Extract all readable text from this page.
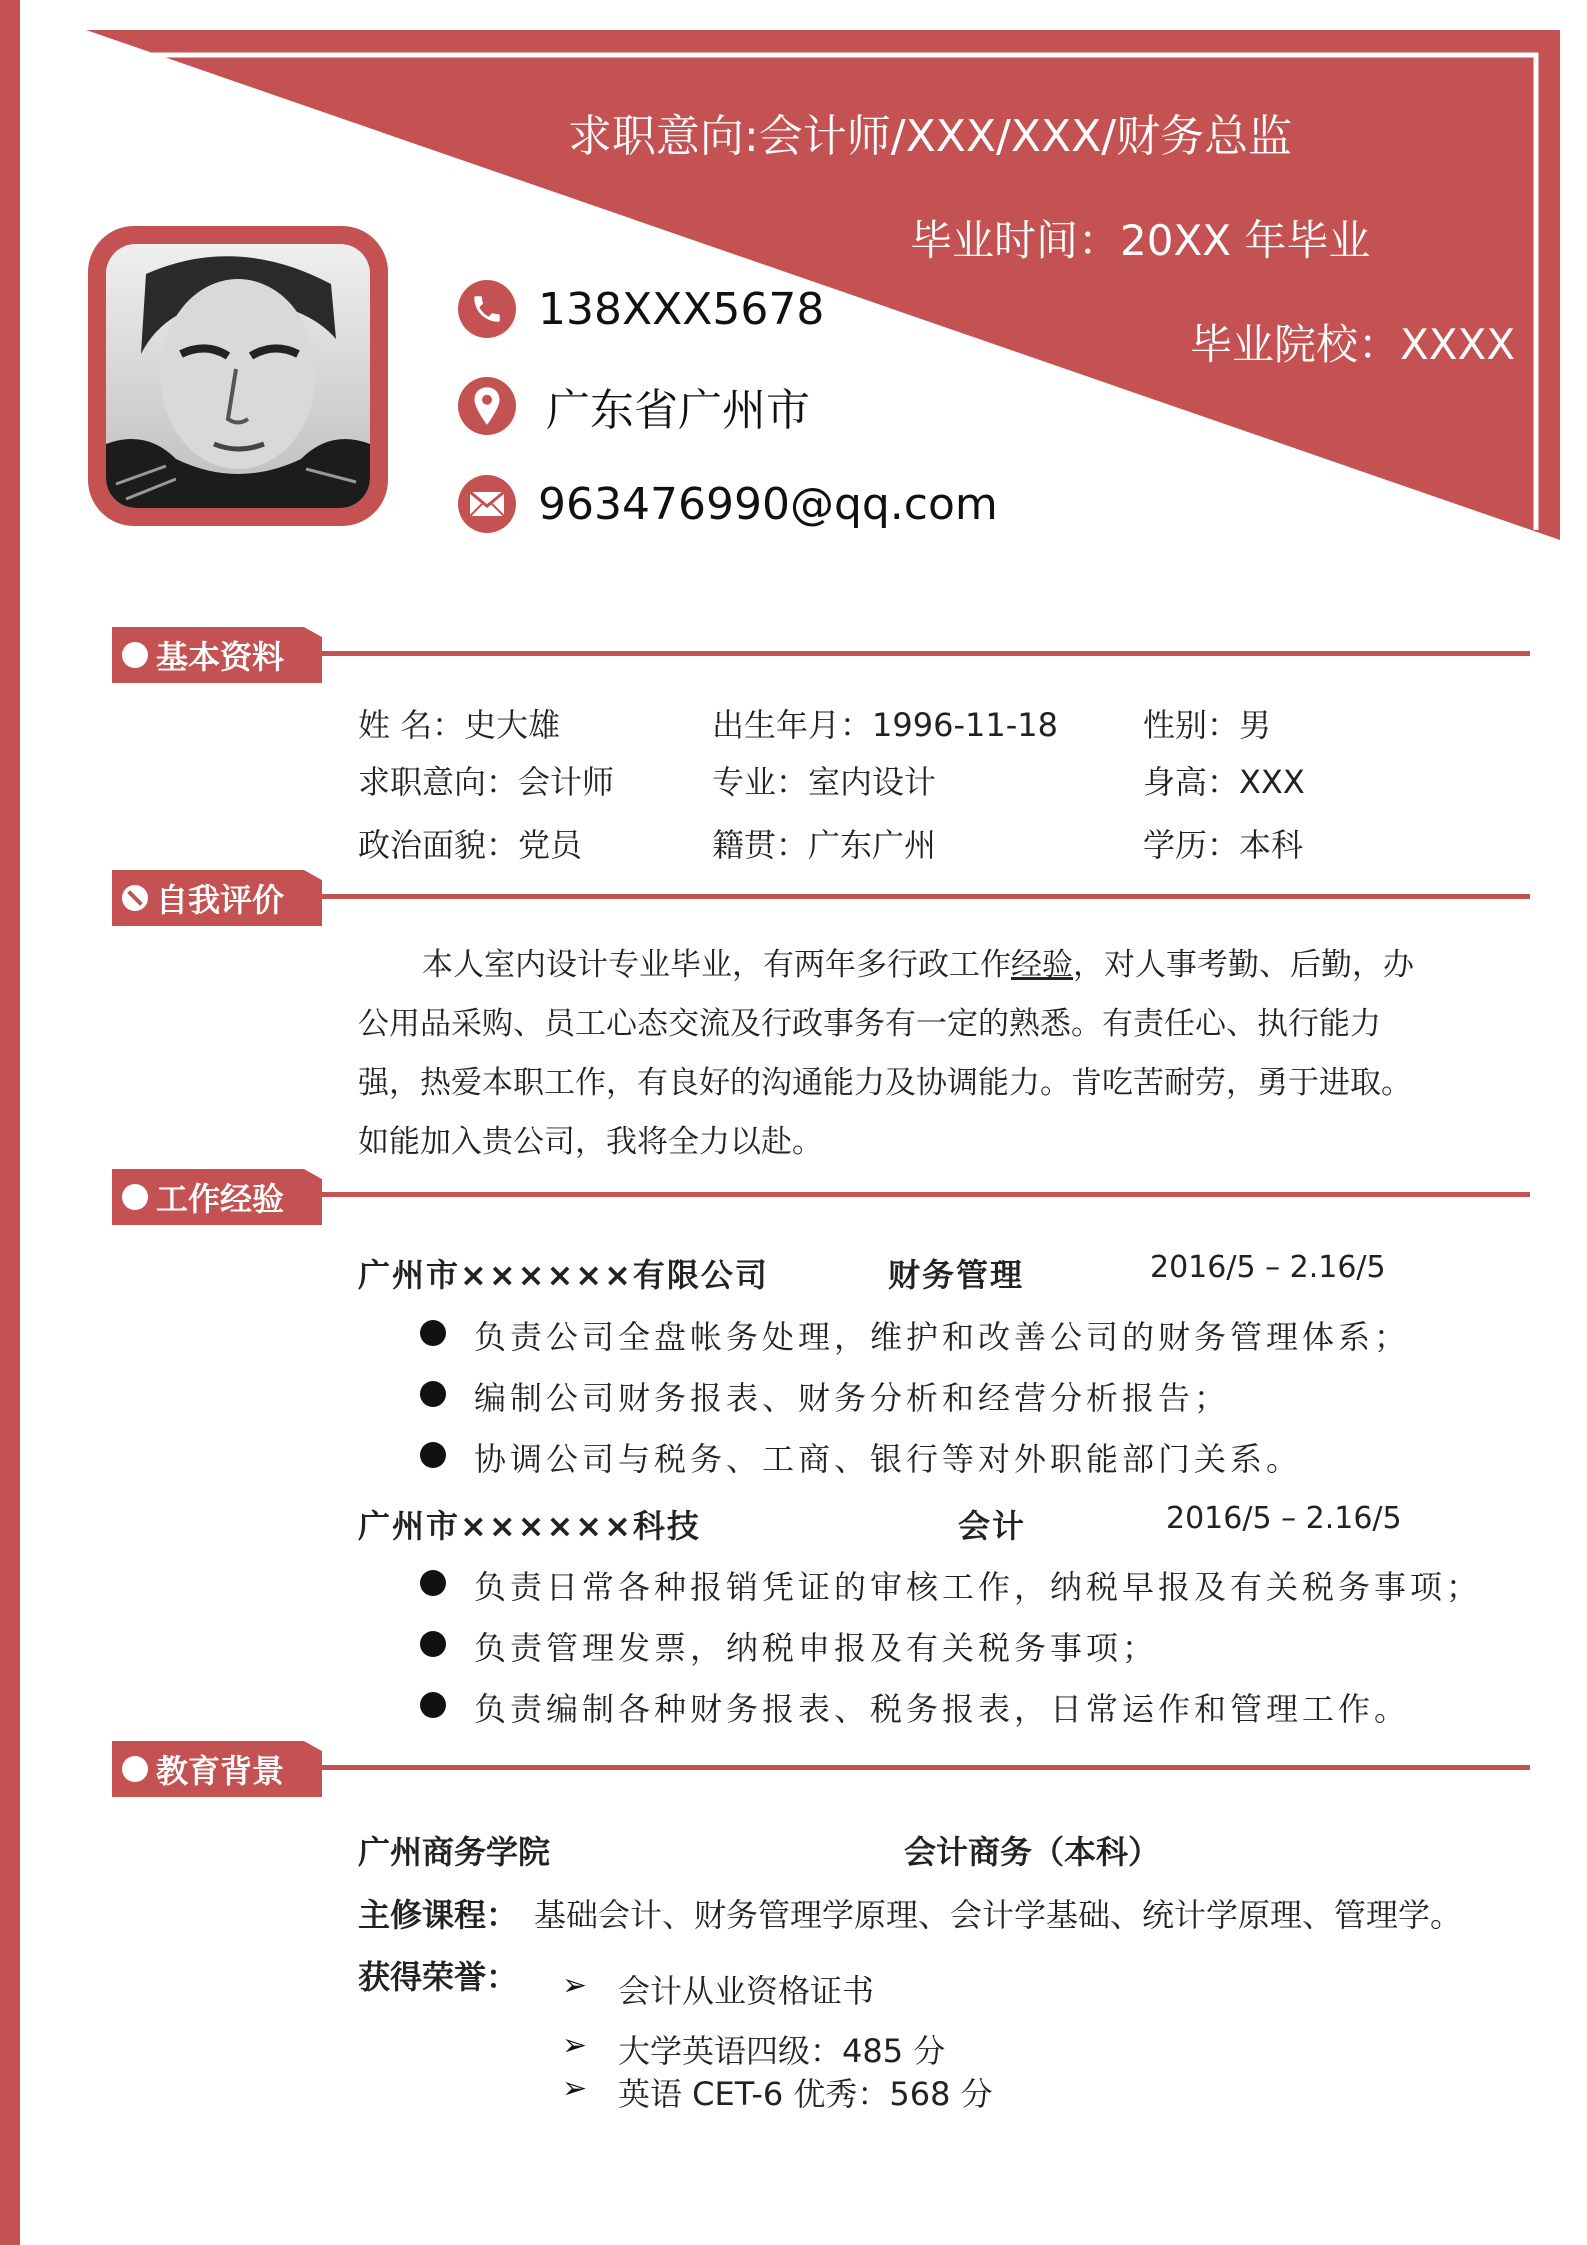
求职意向:会计师/XXX/XXX/财务总监
毕业时间：20XX 年毕业
毕业院校：XXXX
138XXX5678
广东省广州市
963476990@qq.com
基本资料
姓 名：史大雄	出生年月：1996-11-18	性别：男
求职意向：会计师	专业：室内设计	身高：XXX
政治面貌：党员	籍贯：广东广州	学历：本科
自我评价
本人室内设计专业毕业，有两年多行政工作经验，对人事考勤、后勤，办公用品采购、员工心态交流及行政事务有一定的熟悉。有责任心、执行能力强，热爱本职工作，有良好的沟通能力及协调能力。肯吃苦耐劳，勇于进取。如能加入贵公司，我将全力以赴。
工作经验
广州市××××××有限公司	财务管理	2016/5 – 2.16/5
负责公司全盘帐务处理，维护和改善公司的财务管理体系；
编制公司财务报表、财务分析和经营分析报告；
协调公司与税务、工商、银行等对外职能部门关系。
广州市××××××科技	会计	2016/5 – 2.16/5
负责日常各种报销凭证的审核工作，纳税早报及有关税务事项；
负责管理发票，纳税申报及有关税务事项；
负责编制各种财务报表、税务报表，日常运作和管理工作。
教育背景
广州商务学院	会计商务（本科）
主修课程： 基础会计、财务管理学原理、会计学基础、统计学原理、管理学。
获得荣誉： ➢ 会计从业资格证书
➢ 大学英语四级：485 分
➢ 英语 CET-6 优秀：568 分
